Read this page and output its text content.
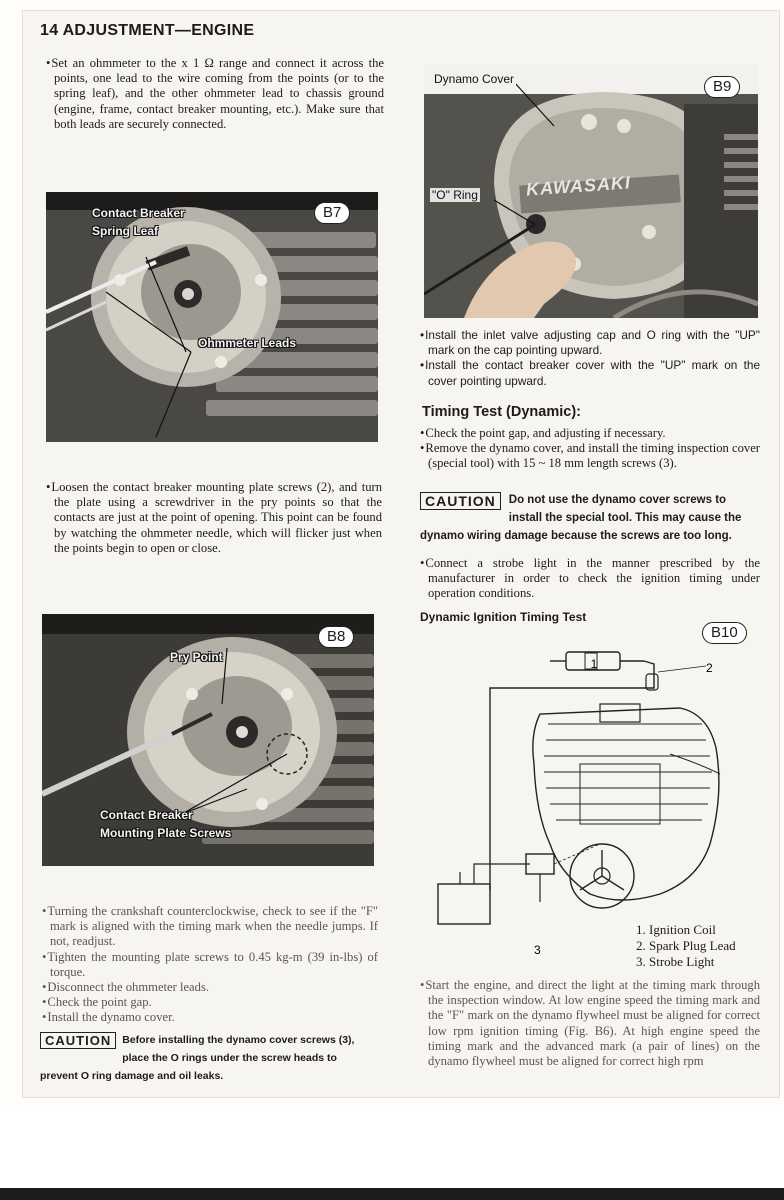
14 ADJUSTMENT—ENGINE
• Set an ohmmeter to the x 1 Ω range and connect it across the points, one lead to the wire coming from the points (or to the spring leaf), and the other ohmmeter lead to chassis ground (engine, frame, contact breaker mounting, etc.). Make sure that both leads are securely connected.
Contact Breaker
Spring Leaf
Ohmmeter Leads
B7
• Loosen the contact breaker mounting plate screws (2), and turn the plate using a screwdriver in the pry points so that the contacts are just at the point of opening. This point can be found by watching the ohmmeter needle, which will flicker just when the points begin to open or close.
Pry Point
Contact Breaker
Mounting Plate Screws
B8
• Turning the crankshaft counterclockwise, check to see if the "F" mark is aligned with the timing mark when the needle jumps. If not, readjust.
• Tighten the mounting plate screws to 0.45 kg-m (39 in-lbs) of torque.
• Disconnect the ohmmeter leads.
• Check the point gap.
• Install the dynamo cover.
CAUTION	Before installing the dynamo cover screws (3), place the O rings under the screw heads to prevent O ring damage and oil leaks.
Dynamo Cover
"O" Ring	KAWASAKI
B9
• Install the inlet valve adjusting cap and O ring with the "UP" mark on the cap pointing upward.
• Install the contact breaker cover with the "UP" mark on the cover pointing upward.
Timing Test (Dynamic):
• Check the point gap, and adjusting if necessary.
• Remove the dynamo cover, and install the timing inspection cover (special tool) with 15 ~ 18 mm length screws (3).
CAUTION	Do not use the dynamo cover screws to install the special tool. This may cause the dynamo wiring damage because the screws are too long.
• Connect a strobe light in the manner prescribed by the manufacturer in order to check the ignition timing under operation conditions.
Dynamic Ignition Timing Test
B10
1	2
3
1. Ignition Coil
2. Spark Plug Lead
3. Strobe Light
• Start the engine, and direct the light at the timing mark through the inspection window. At low engine speed the timing mark and the "F" mark on the dynamo flywheel must be aligned for correct low rpm ignition timing (Fig. B6). At high engine speed the timing mark and the advanced mark (a pair of lines) on the dynamo flywheel must be aligned for correct high rpm
